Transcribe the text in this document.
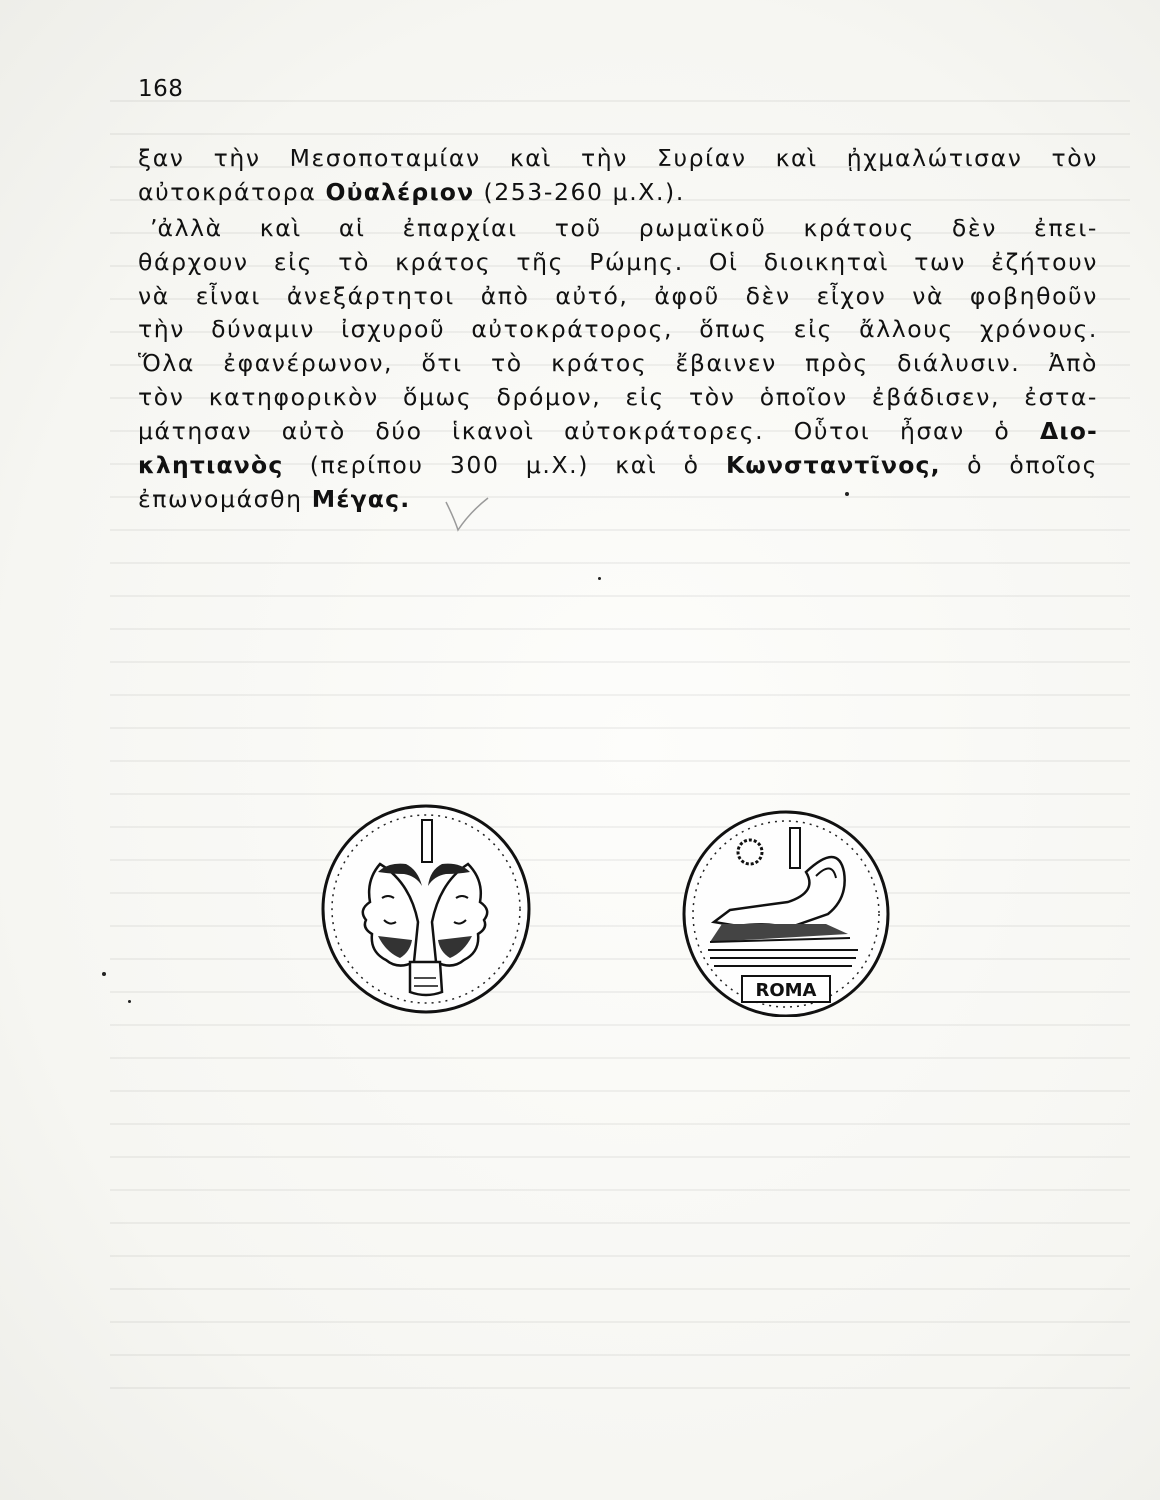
168
ξαν τὴν Μεσοποταμίαν καὶ τὴν Συρίαν καὶ ᾐχμαλώτισαν τὸν
αὐτοκράτορα Οὐαλέριον (253-260 μ.Χ.).
ʼἀλλὰ καὶ αἱ ἐπαρχίαι τοῦ ρωμαϊκοῦ κράτους δὲν ἐπει-
θάρχουν εἰς τὸ κράτος τῆς Ρώμης. Οἱ διοικηταὶ των ἐζήτουν
νὰ εἶναι ἀνεξάρτητοι ἀπὸ αὐτό, ἀφοῦ δὲν εἶχον νὰ φοβηθοῦν
τὴν δύναμιν ἰσχυροῦ αὐτοκράτορος, ὅπως εἰς ἄλλους χρόνους.
Ὅλα ἐφανέρωνον, ὅτι τὸ κράτος ἔβαινεν πρὸς διάλυσιν. Ἀπὸ
τὸν κατηφορικὸν ὅμως δρόμον, εἰς τὸν ὁποῖον ἐβάδισεν, ἐστα-
μάτησαν αὐτὸ δύο ἱκανοὶ αὐτοκράτορες. Οὗτοι ἦσαν ὁ Διο-
κλητιανὸς (περίπου 300 μ.Χ.) καὶ ὁ Κωνσταντῖνος, ὁ ὁποῖος
ἐπωνομάσθη Μέγας.
ROMA
